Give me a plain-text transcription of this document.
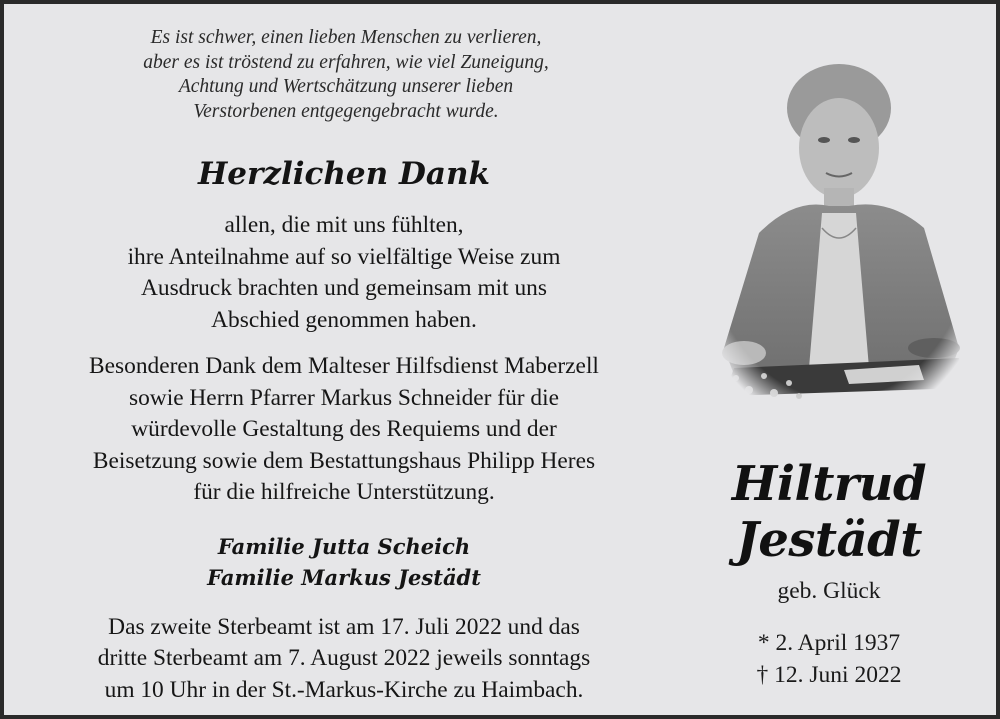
Es ist schwer, einen lieben Menschen zu verlieren,
aber es ist tröstend zu erfahren, wie viel Zuneigung,
Achtung und Wertschätzung unserer lieben
Verstorbenen entgegengebracht wurde.
Herzlichen Dank
allen, die mit uns fühlten,
ihre Anteilnahme auf so vielfältige Weise zum
Ausdruck brachten und gemeinsam mit uns
Abschied genommen haben.
Besonderen Dank dem Malteser Hilfsdienst Maberzell
sowie Herrn Pfarrer Markus Schneider für die
würdevolle Gestaltung des Requiems und der
Beisetzung sowie dem Bestattungshaus Philipp Heres
für die hilfreiche Unterstützung.
Familie Jutta Scheich
Familie Markus Jestädt
Das zweite Sterbeamt ist am 17. Juli 2022 und das
dritte Sterbeamt am 7. August 2022 jeweils sonntags
um 10 Uhr in der St.-Markus-Kirche zu Haimbach.
Hiltrud
Jestädt
geb. Glück
* 2. April 1937
† 12. Juni 2022
